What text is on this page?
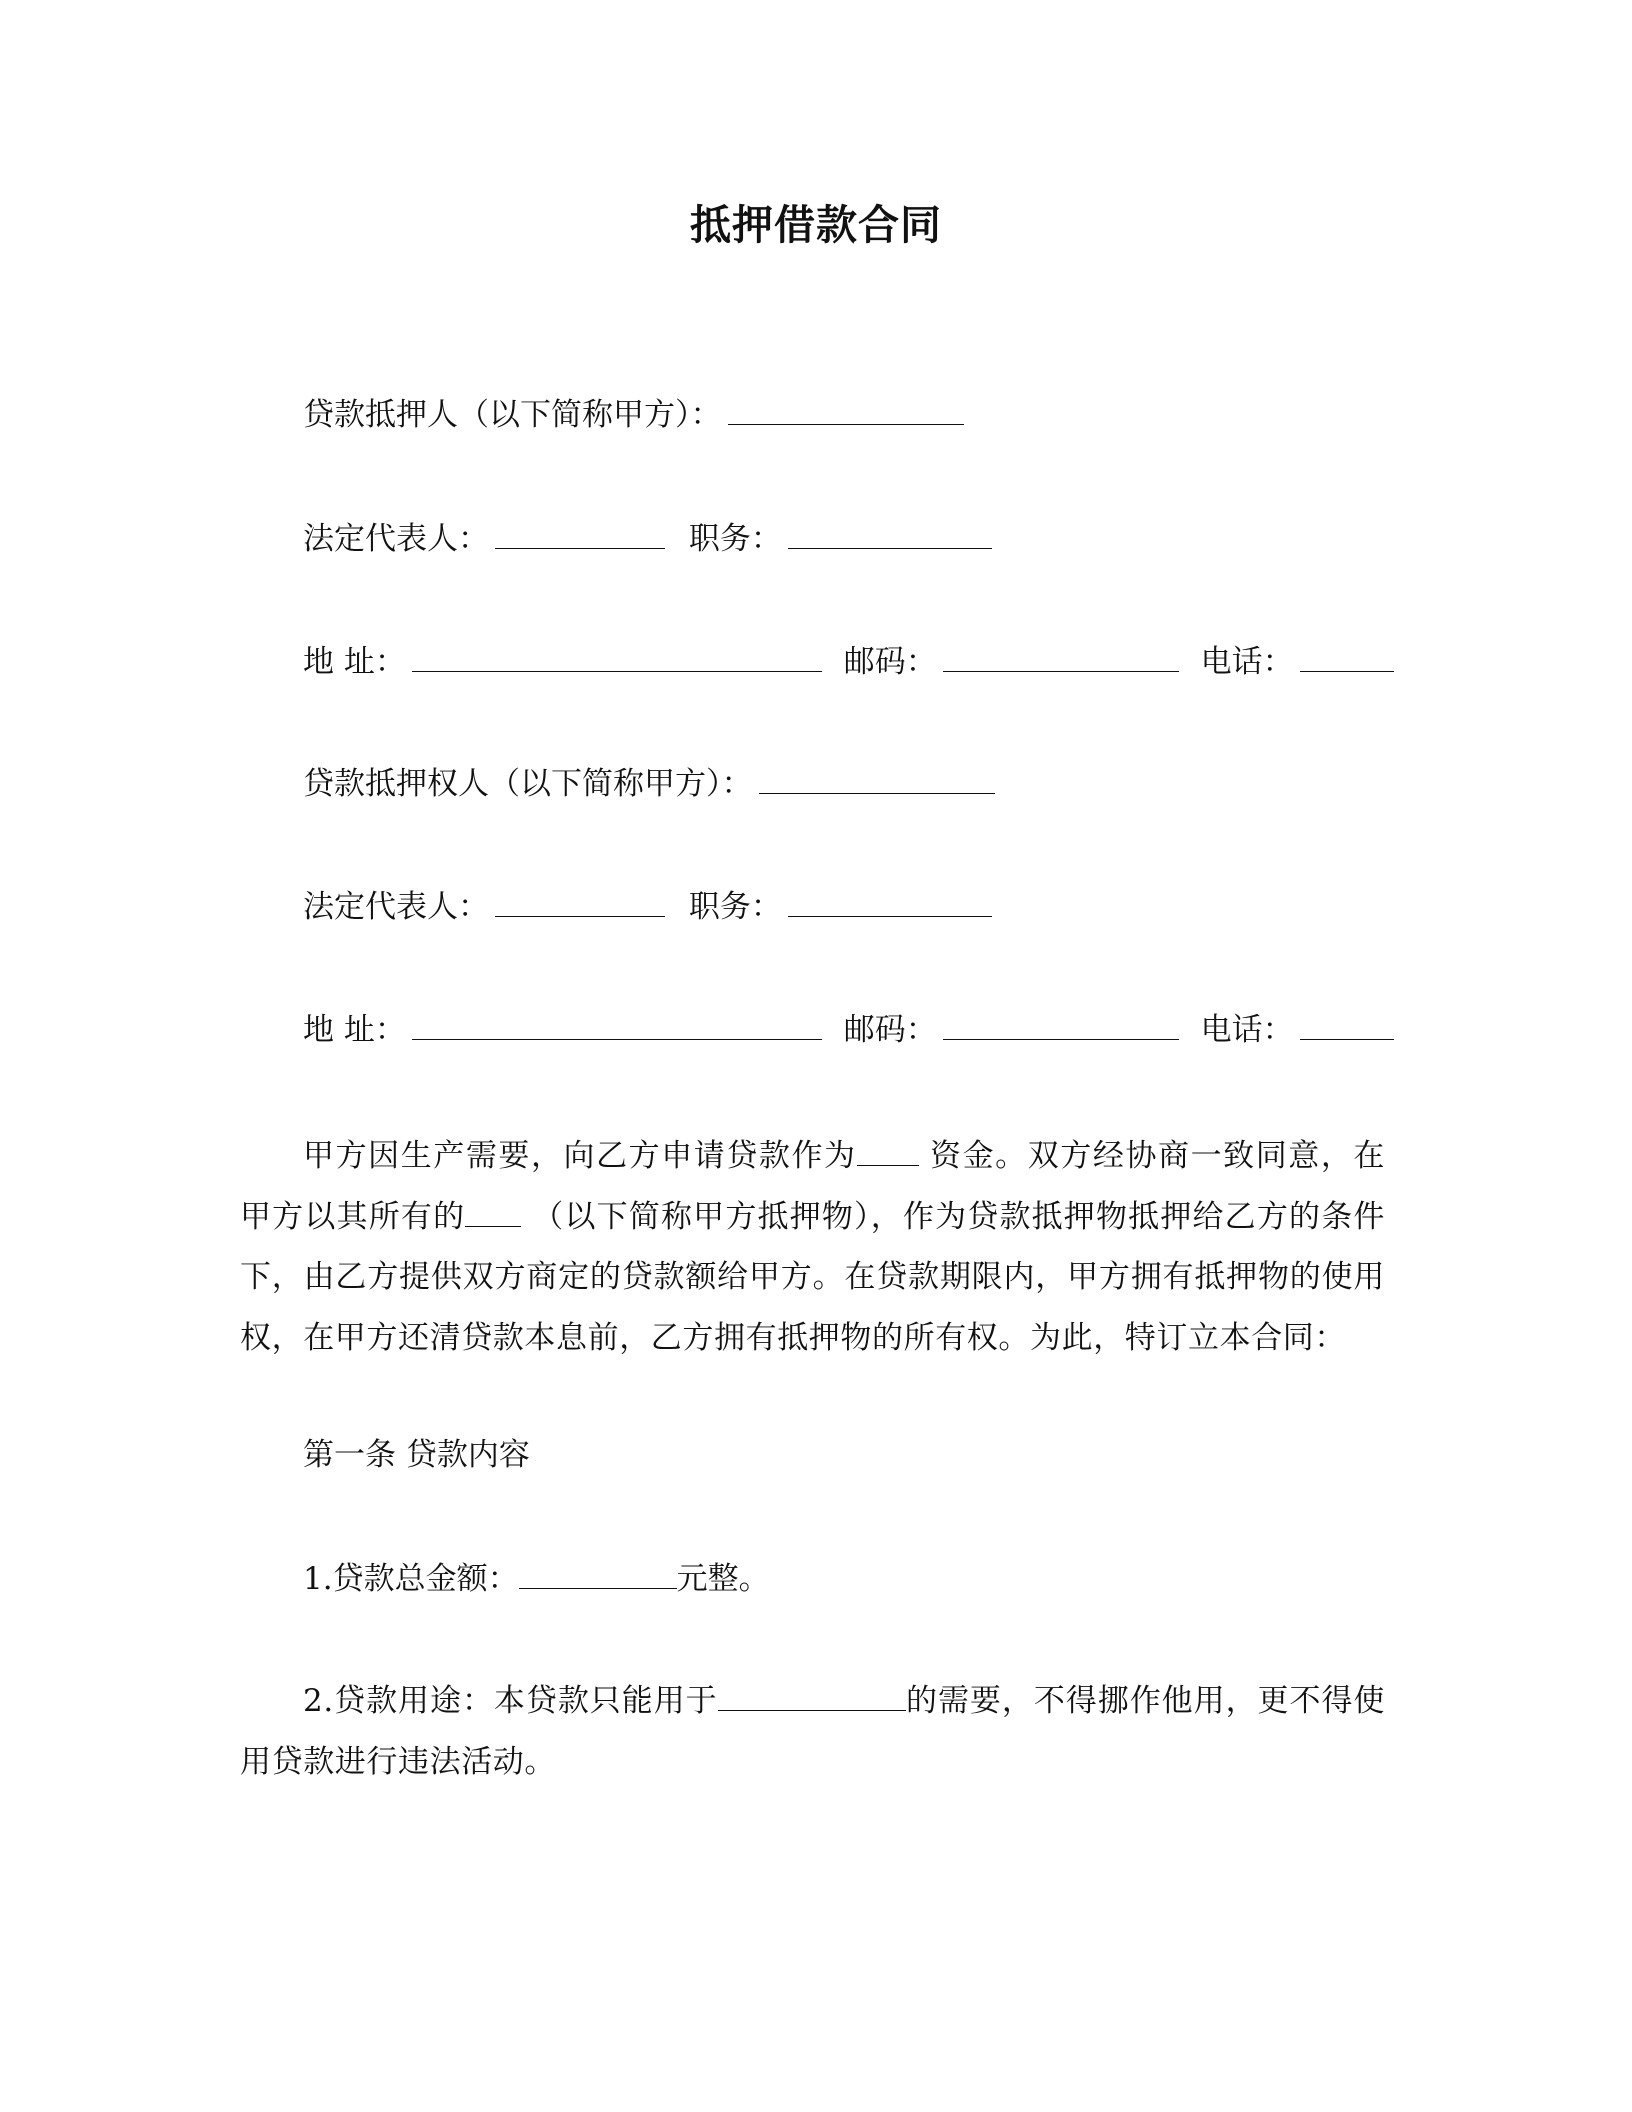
抵押借款合同
贷款抵押人（以下简称甲方）：
法定代表人：	职务：
地 址：	邮码：	电话：
贷款抵押权人（以下简称甲方）：
法定代表人：	职务：
地 址：	邮码：	电话：
甲方因生产需要，向乙方申请贷款作为 资金。双方经协商一致同意，在甲方以其所有的 （以下简称甲方抵押物），作为贷款抵押物抵押给乙方的条件下，由乙方提供双方商定的贷款额给甲方。在贷款期限内，甲方拥有抵押物的使用权，在甲方还清贷款本息前，乙方拥有抵押物的所有权。为此，特订立本合同：
第一条 贷款内容
1.贷款总金额：	元整。
2.贷款用途：本贷款只能用于	的需要，不得挪作他用，更不得使用贷款进行违法活动。
